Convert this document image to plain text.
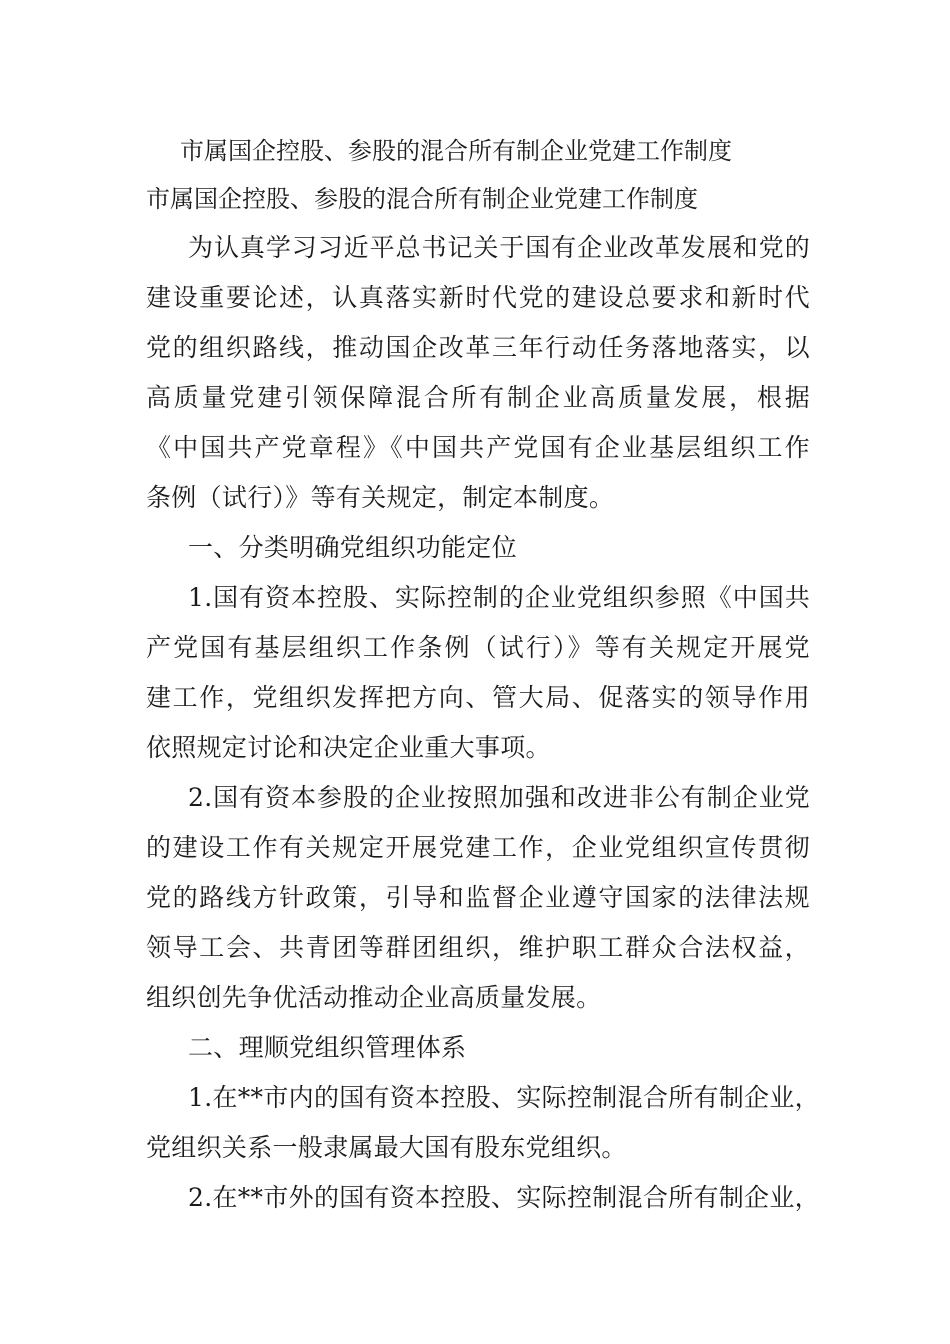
市属国企控股、参股的混合所有制企业党建工作制度
市属国企控股、参股的混合所有制企业党建工作制度
为认真学习习近平总书记关于国有企业改革发展和党的
建设重要论述，认真落实新时代党的建设总要求和新时代
党的组织路线，推动国企改革三年行动任务落地落实，以
高质量党建引领保障混合所有制企业高质量发展，根据
《中国共产党章程》《中国共产党国有企业基层组织工作
条例（试行）》等有关规定，制定本制度。
一、分类明确党组织功能定位
1.国有资本控股、实际控制的企业党组织参照《中国共
产党国有基层组织工作条例（试行）》等有关规定开展党
建工作，党组织发挥把方向、管大局、促落实的领导作用
依照规定讨论和决定企业重大事项。
2.国有资本参股的企业按照加强和改进非公有制企业党
的建设工作有关规定开展党建工作，企业党组织宣传贯彻
党的路线方针政策，引导和监督企业遵守国家的法律法规
领导工会、共青团等群团组织，维护职工群众合法权益，
组织创先争优活动推动企业高质量发展。
二、理顺党组织管理体系
1.在**市内的国有资本控股、实际控制混合所有制企业，
党组织关系一般隶属最大国有股东党组织。
2.在**市外的国有资本控股、实际控制混合所有制企业，
